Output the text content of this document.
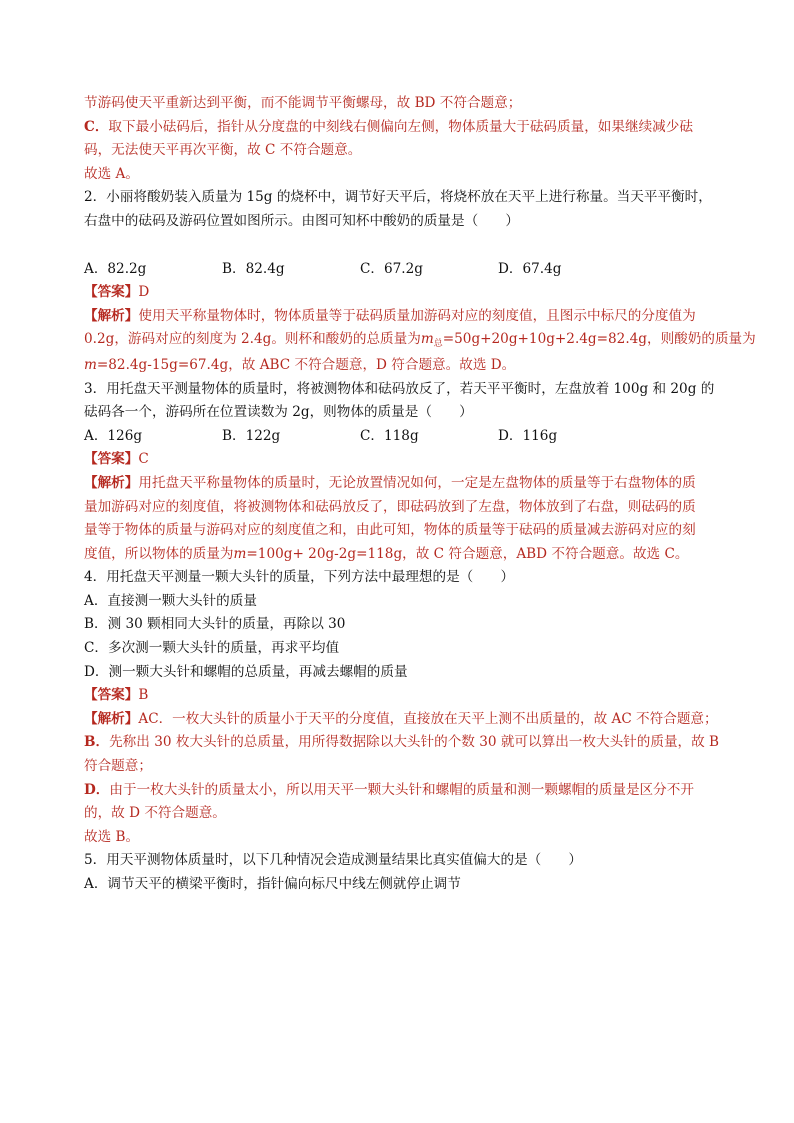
节游码使天平重新达到平衡，而不能调节平衡螺母，故 BD 不符合题意；
C．取下最小砝码后，指针从分度盘的中刻线右侧偏向左侧，物体质量大于砝码质量，如果继续减少砝
码，无法使天平再次平衡，故 C 不符合题意。
故选 A。
2．小丽将酸奶装入质量为 15g 的烧杯中，调节好天平后，将烧杯放在天平上进行称量。当天平平衡时，
右盘中的砝码及游码位置如图所示。由图可知杯中酸奶的质量是（　　）
A．82.2g	B．82.4g	C．67.2g	D．67.4g
【答案】D
【解析】使用天平称量物体时，物体质量等于砝码质量加游码对应的刻度值，且图示中标尺的分度值为
0.2g，游码对应的刻度为 2.4g。则杯和酸奶的总质量为$m_总=50g+20g+10g+2.4g=82.4g$，则酸奶的质量为
m=82.4g-15g=67.4g，故 ABC 不符合题意，D 符合题意。故选 D。
3．用托盘天平测量物体的质量时，将被测物体和砝码放反了，若天平平衡时，左盘放着 100g 和 20g 的
砝码各一个，游码所在位置读数为 2g，则物体的质量是（　　）
A．126g	B．122g	C．118g	D．116g
【答案】C
【解析】用托盘天平称量物体的质量时，无论放置情况如何，一定是左盘物体的质量等于右盘物体的质
量加游码对应的刻度值，将被测物体和砝码放反了，即砝码放到了左盘，物体放到了右盘，则砝码的质
量等于物体的质量与游码对应的刻度值之和，由此可知，物体的质量等于砝码的质量减去游码对应的刻
度值，所以物体的质量为m=100g+ 20g-2g=118g，故 C 符合题意，ABD 不符合题意。故选 C。
4．用托盘天平测量一颗大头针的质量，下列方法中最理想的是（　　）
A．直接测一颗大头针的质量
B．测 30 颗相同大头针的质量，再除以 30
C．多次测一颗大头针的质量，再求平均值
D．测一颗大头针和螺帽的总质量，再减去螺帽的质量
【答案】B
【解析】AC．一枚大头针的质量小于天平的分度值，直接放在天平上测不出质量的，故 AC 不符合题意；
B．先称出 30 枚大头针的总质量，用所得数据除以大头针的个数 30 就可以算出一枚大头针的质量，故 B
符合题意；
D．由于一枚大头针的质量太小，所以用天平一颗大头针和螺帽的质量和测一颗螺帽的质量是区分不开
的，故 D 不符合题意。
故选 B。
5．用天平测物体质量时，以下几种情况会造成测量结果比真实值偏大的是（　　）
A．调节天平的横梁平衡时，指针偏向标尺中线左侧就停止调节
